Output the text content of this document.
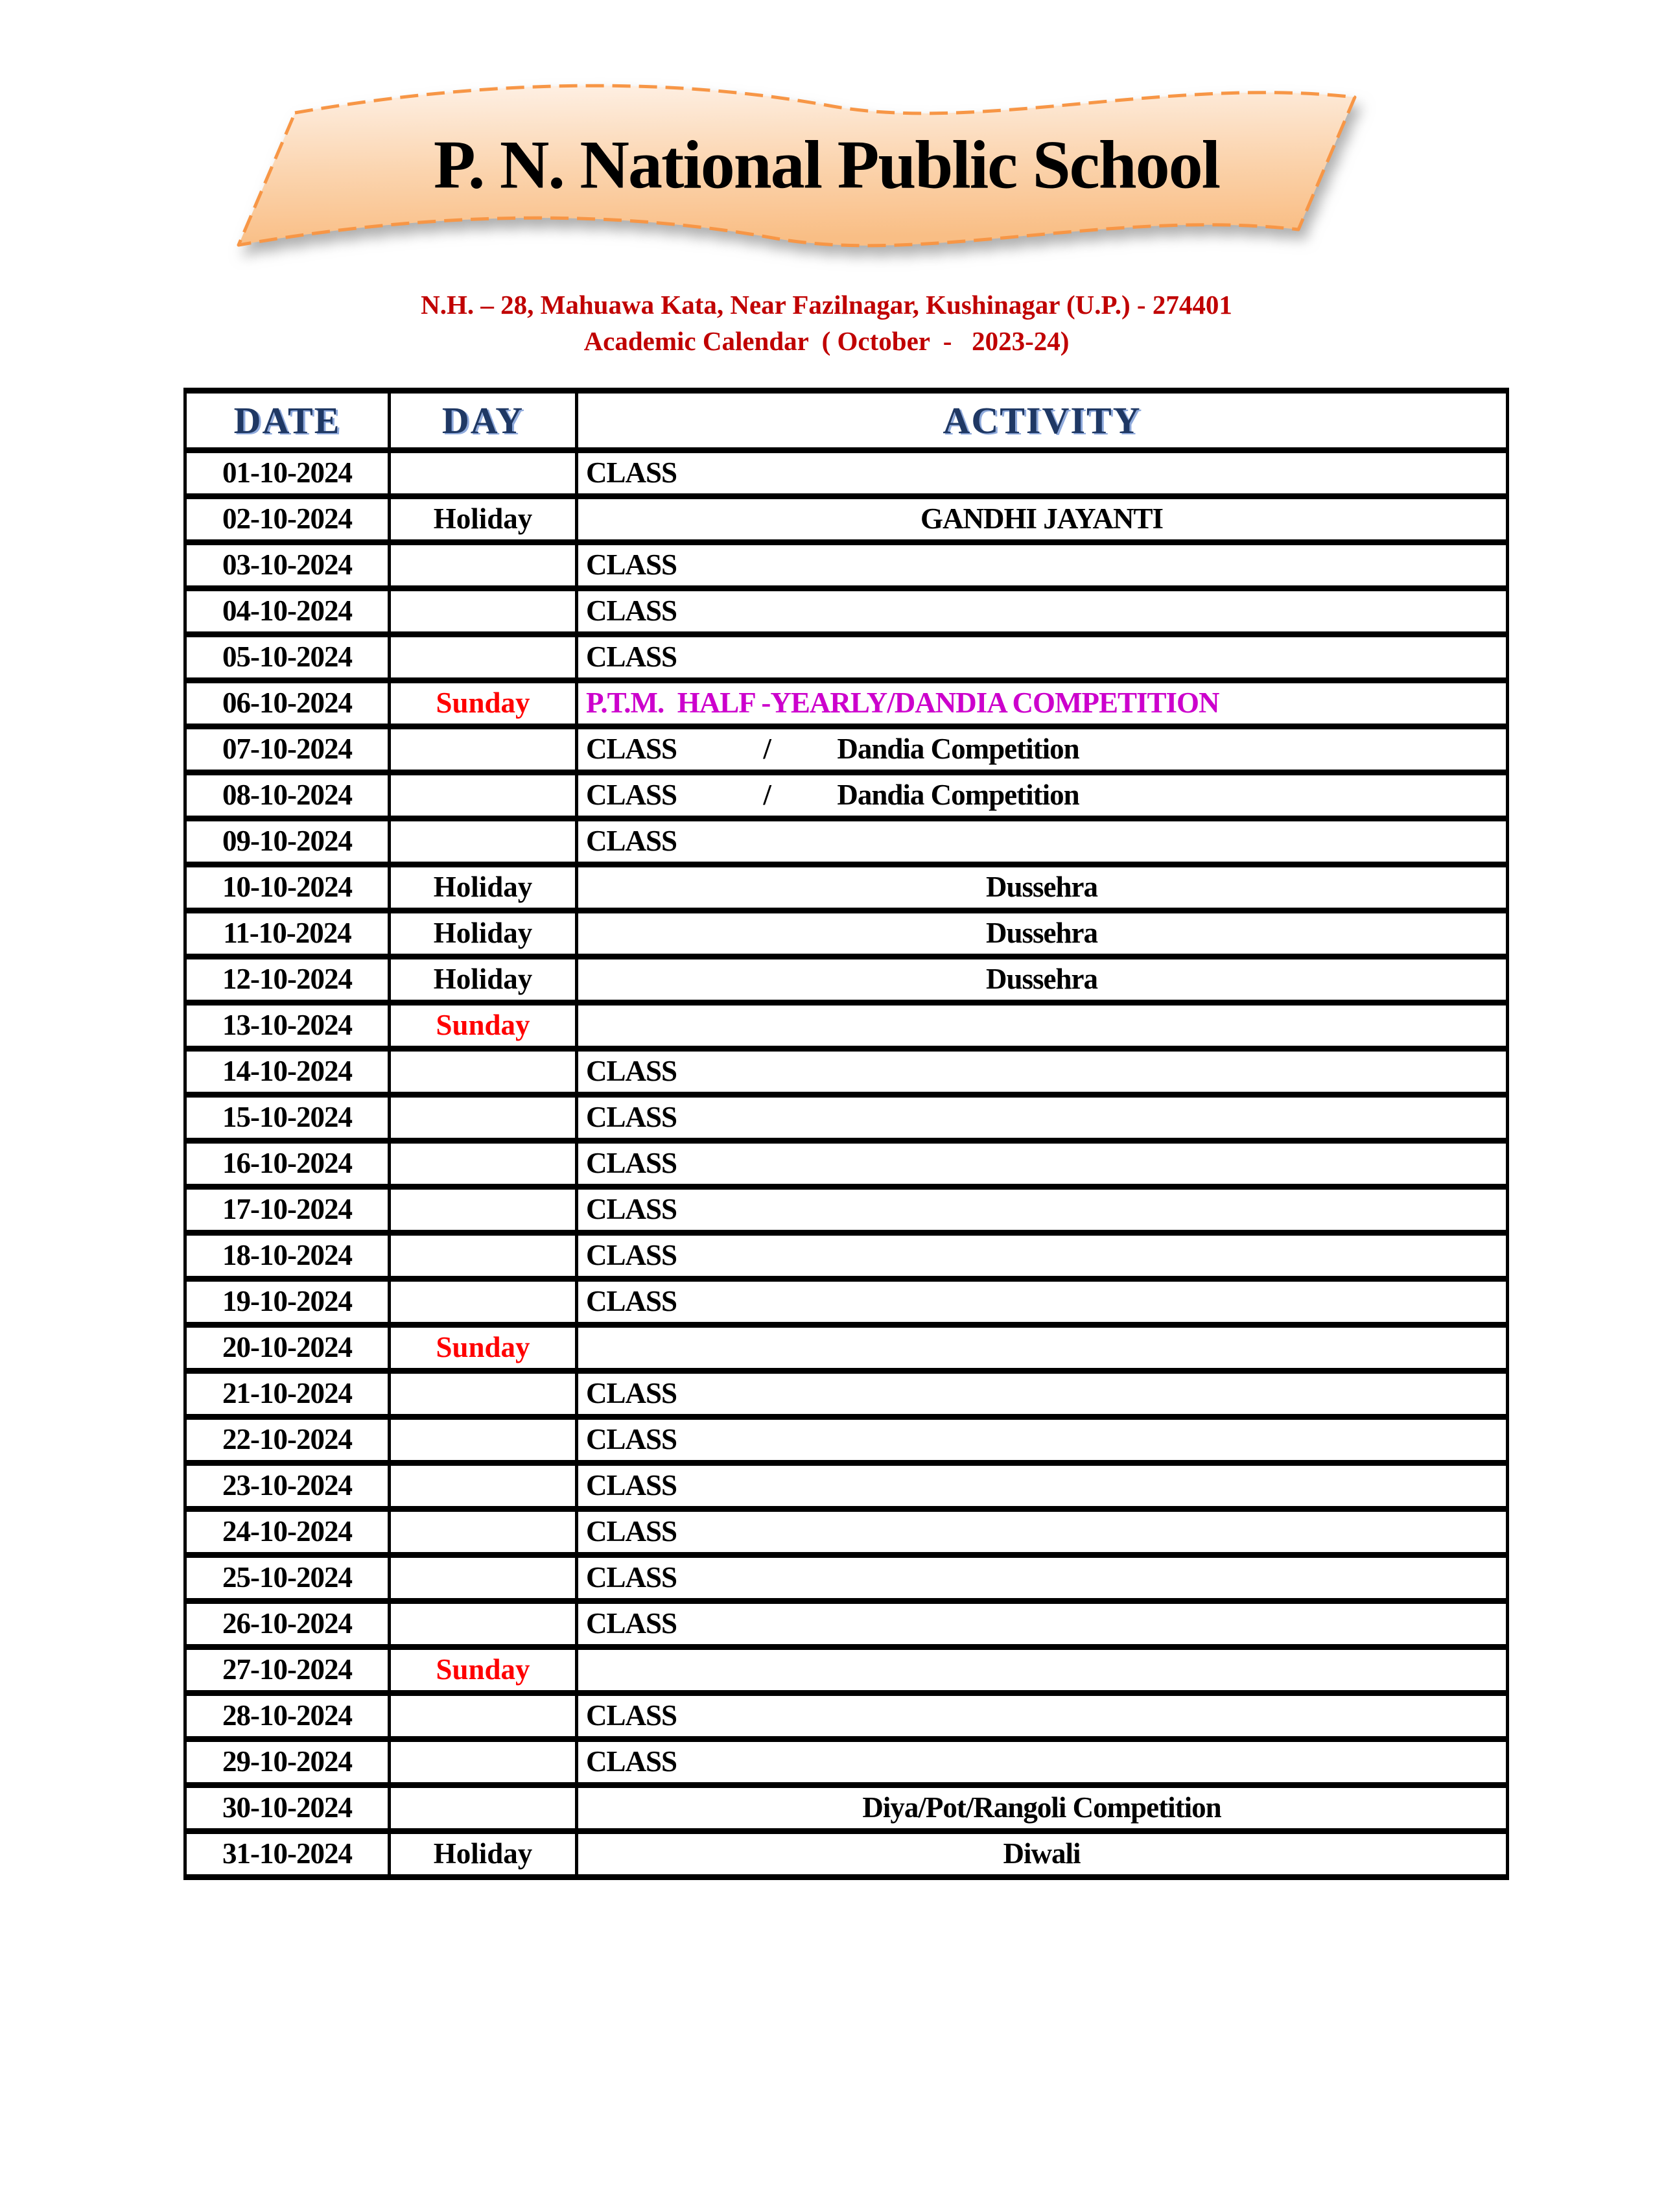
P. N. National Public School
N.H. – 28, Mahuawa Kata, Near Fazilnagar, Kushinagar (U.P.) - 274401
Academic Calendar  ( October  -   2023-24)
DATE	DAY	ACTIVITY
01-10-2024		CLASS
02-10-2024	Holiday	GANDHI JAYANTI
03-10-2024		CLASS
04-10-2024		CLASS
05-10-2024		CLASS
06-10-2024	Sunday	P.T.M.  HALF -YEARLY/DANDIA COMPETITION
07-10-2024		CLASS             /          Dandia Competition
08-10-2024		CLASS             /          Dandia Competition
09-10-2024		CLASS
10-10-2024	Holiday	Dussehra
11-10-2024	Holiday	Dussehra
12-10-2024	Holiday	Dussehra
13-10-2024	Sunday	
14-10-2024		CLASS
15-10-2024		CLASS
16-10-2024		CLASS
17-10-2024		CLASS
18-10-2024		CLASS
19-10-2024		CLASS
20-10-2024	Sunday	
21-10-2024		CLASS
22-10-2024		CLASS
23-10-2024		CLASS
24-10-2024		CLASS
25-10-2024		CLASS
26-10-2024		CLASS
27-10-2024	Sunday	
28-10-2024		CLASS
29-10-2024		CLASS
30-10-2024		Diya/Pot/Rangoli Competition
31-10-2024	Holiday	Diwali
